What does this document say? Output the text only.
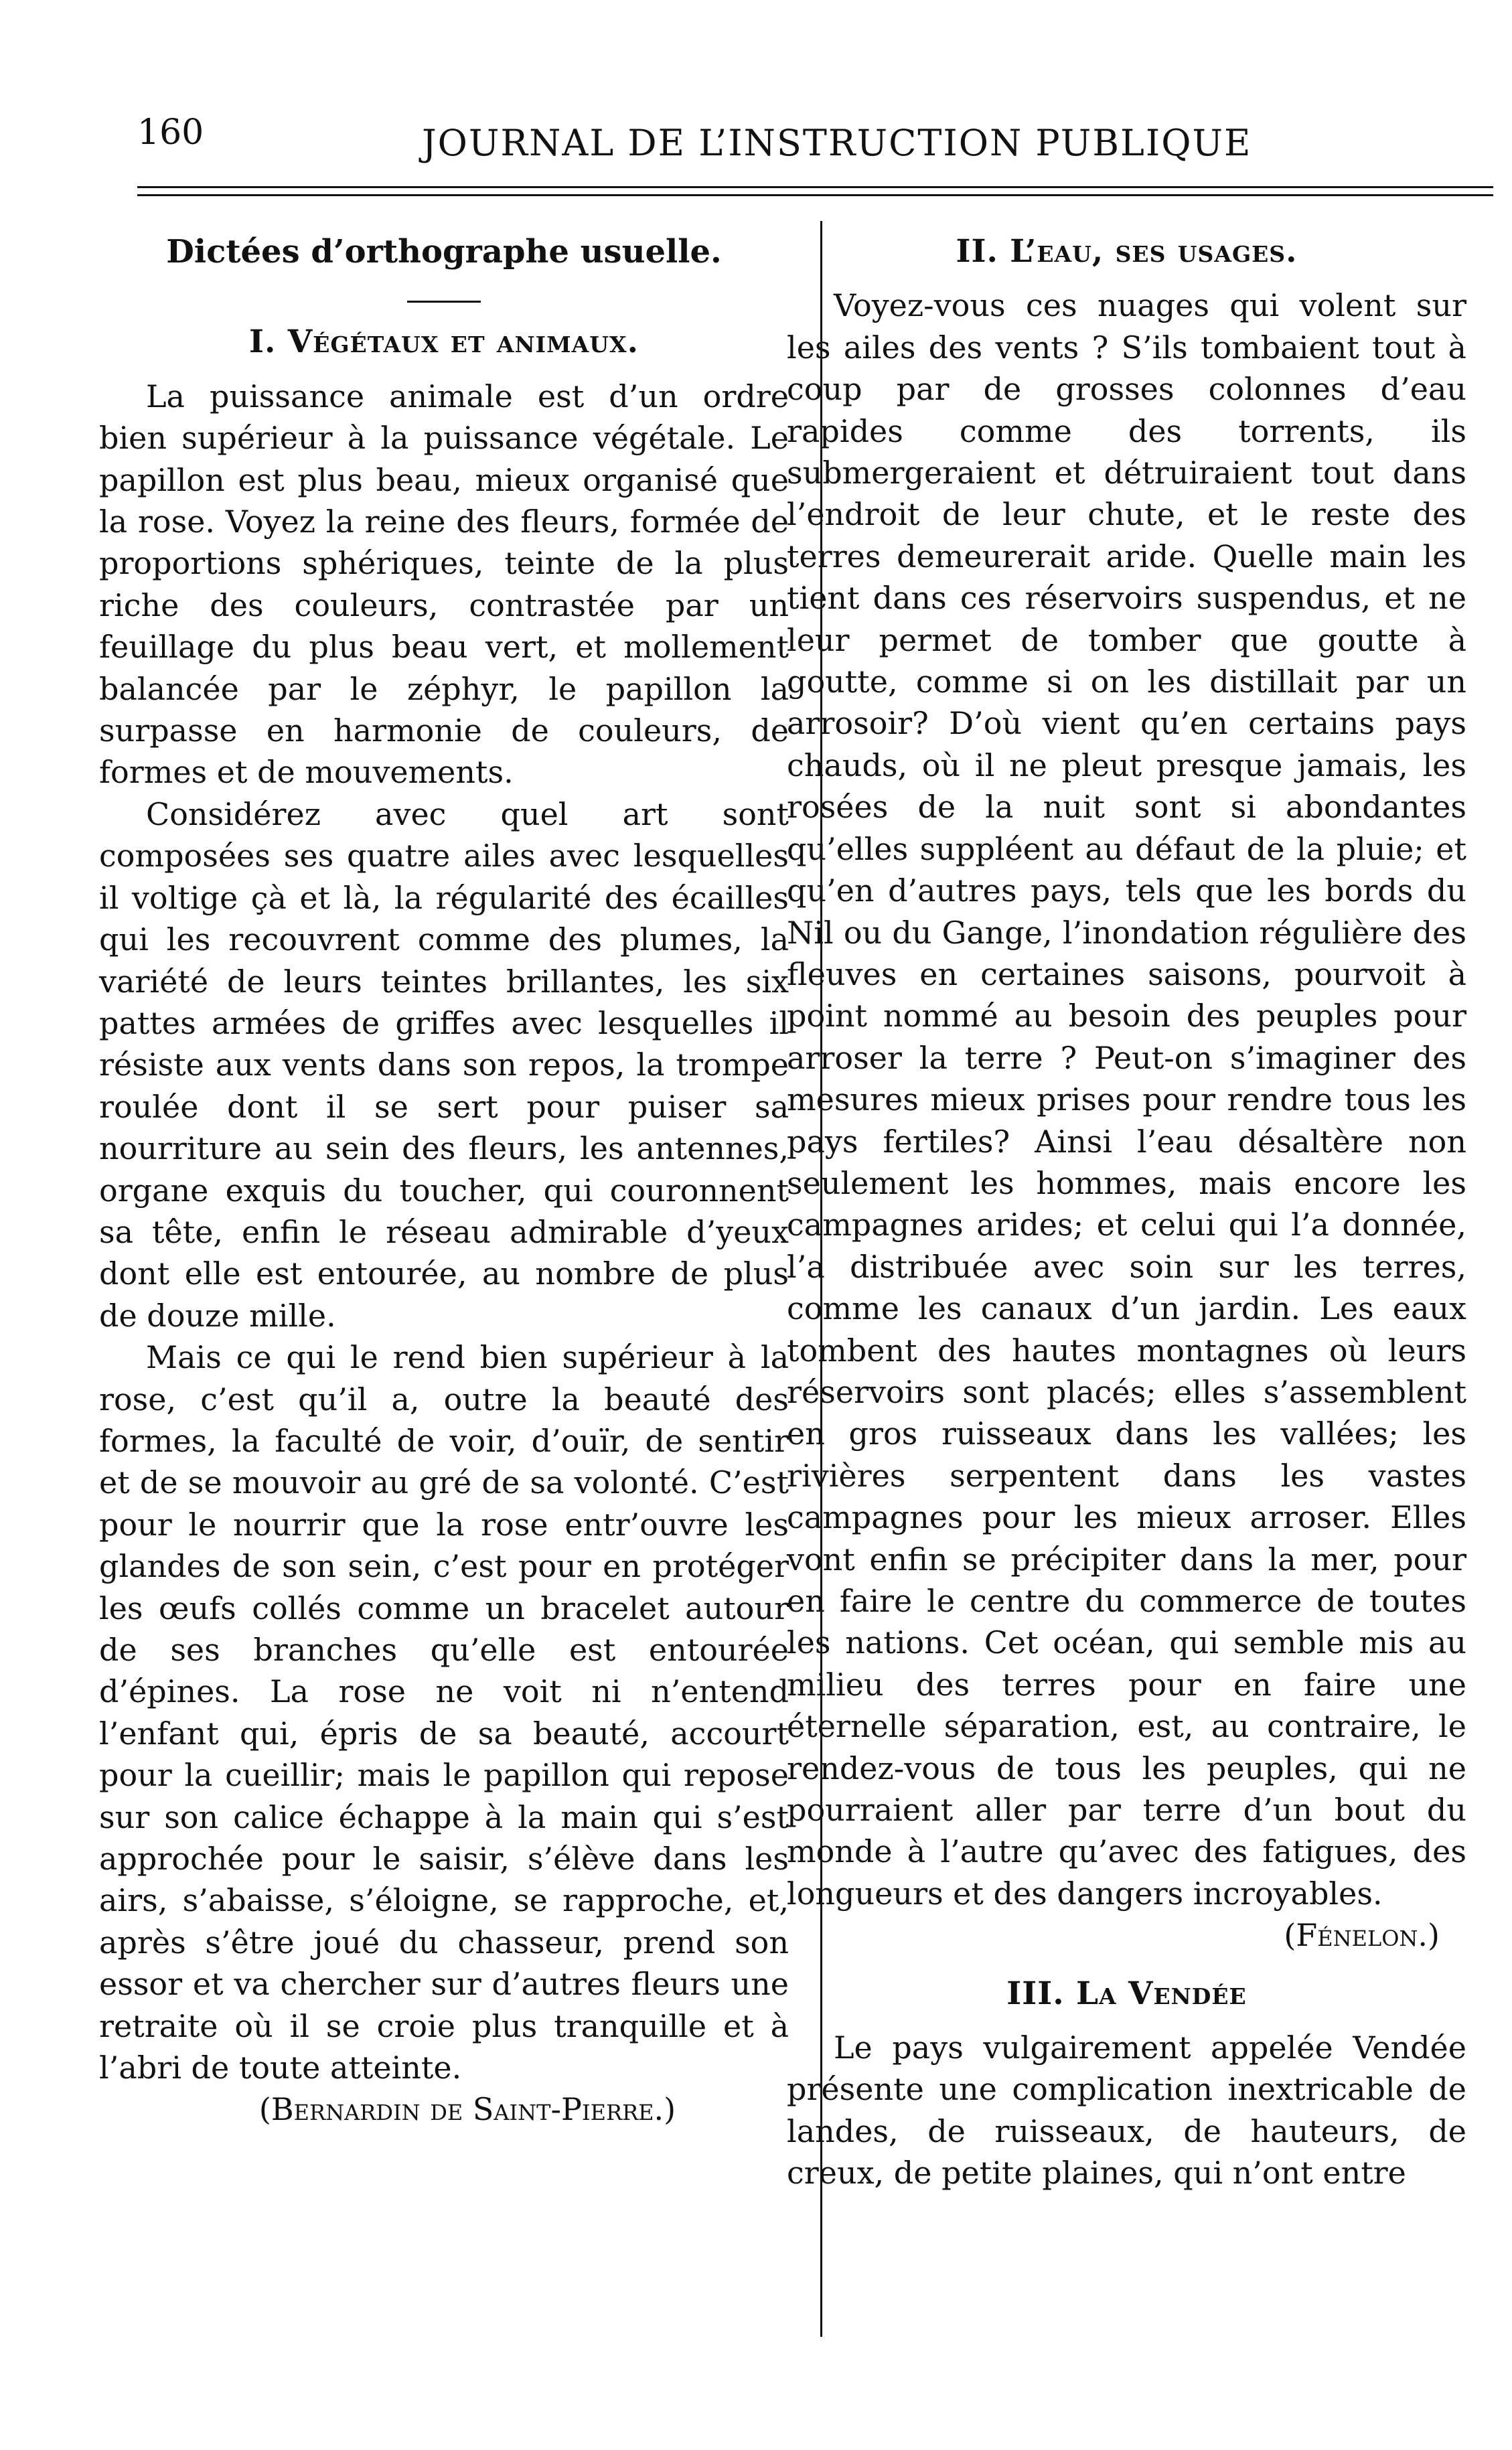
160	JOURNAL DE L’INSTRUCTION PUBLIQUE
Dictées d’orthographe usuelle.
I. Végétaux et animaux.

La puissance animale est d’un ordre bien supérieur à la puissance végétale. Le papillon est plus beau, mieux organisé que la rose. Voyez la reine des fleurs, formée de proportions sphériques, teinte de la plus riche des couleurs, contrastée par un feuillage du plus beau vert, et mollement balancée par le zéphyr, le papillon la surpasse en harmonie de couleurs, de formes et de mouvements.

Considérez avec quel art sont composées ses quatre ailes avec lesquelles il voltige çà et là, la régularité des écailles qui les recouvrent comme des plumes, la variété de leurs teintes brillantes, les six pattes armées de griffes avec lesquelles il résiste aux vents dans son repos, la trompe roulée dont il se sert pour puiser sa nourriture au sein des fleurs, les antennes, organe exquis du toucher, qui couronnent sa tête, enfin le réseau admirable d’yeux dont elle est entourée, au nombre de plus de douze mille.

Mais ce qui le rend bien supérieur à la rose, c’est qu’il a, outre la beauté des formes, la faculté de voir, d’ouïr, de sentir et de se mouvoir au gré de sa volonté. C’est pour le nourrir que la rose entr’ouvre les glandes de son sein, c’est pour en protéger les œufs collés comme un bracelet autour de ses branches qu’elle est entourée d’épines. La rose ne voit ni n’entend l’enfant qui, épris de sa beauté, accourt pour la cueillir; mais le papillon qui repose sur son calice échappe à la main qui s’est approchée pour le saisir, s’élève dans les airs, s’abaisse, s’éloigne, se rapproche, et, après s’être joué du chasseur, prend son essor et va chercher sur d’autres fleurs une retraite où il se croie plus tranquille et à l’abri de toute atteinte.

(Bernardin de Saint-Pierre.)

II. L’eau, ses usages.

Voyez-vous ces nuages qui volent sur les ailes des vents ? S’ils tombaient tout à coup par de grosses colonnes d’eau rapides comme des torrents, ils submergeraient et détruiraient tout dans l’endroit de leur chute, et le reste des terres demeurerait aride. Quelle main les tient dans ces réservoirs suspendus, et ne leur permet de tomber que goutte à goutte, comme si on les distillait par un arrosoir? D’où vient qu’en certains pays chauds, où il ne pleut presque jamais, les rosées de la nuit sont si abondantes qu’elles suppléent au défaut de la pluie; et qu’en d’autres pays, tels que les bords du Nil ou du Gange, l’inondation régulière des fleuves en certaines saisons, pourvoit à point nommé au besoin des peuples pour arroser la terre ? Peut-on s’imaginer des mesures mieux prises pour rendre tous les pays fertiles? Ainsi l’eau désaltère non seulement les hommes, mais encore les campagnes arides; et celui qui l’a donnée, l’a distribuée avec soin sur les terres, comme les canaux d’un jardin. Les eaux tombent des hautes montagnes où leurs réservoirs sont placés; elles s’assemblent en gros ruisseaux dans les vallées; les rivières serpentent dans les vastes campagnes pour les mieux arroser. Elles vont enfin se précipiter dans la mer, pour en faire le centre du commerce de toutes les nations. Cet océan, qui semble mis au milieu des terres pour en faire une éternelle séparation, est, au contraire, le rendez-vous de tous les peuples, qui ne pourraient aller par terre d’un bout du monde à l’autre qu’avec des fatigues, des longueurs et des dangers incroyables.

(Fénelon.)

III. La Vendée

Le pays vulgairement appelée Vendée présente une complication inextricable de landes, de ruisseaux, de hauteurs, de creux, de petite plaines, qui n’ont entre
